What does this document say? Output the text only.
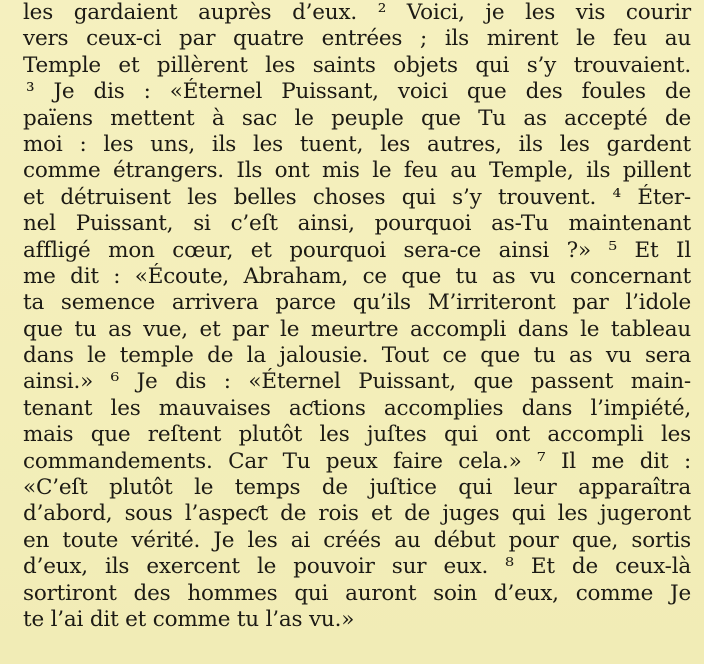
les gardaient auprès d’eux. ² Voici, je les vis courir
vers ceux-ci par quatre entrées ; ils mirent le feu au
Temple et pillèrent les saints objets qui s’y trouvaient.
³ Je dis : «Éternel Puissant, voici que des foules de
païens mettent à sac le peuple que Tu as accepté de
moi : les uns, ils les tuent, les autres, ils les gardent
comme étrangers. Ils ont mis le feu au Temple, ils pillent
et détruisent les belles choses qui s’y trouvent. ⁴ Éter-
nel Puissant, si c’eſt ainsi, pourquoi as-Tu maintenant
affligé mon cœur, et pourquoi sera-ce ainsi ?» ⁵ Et Il
me dit : «Écoute, Abraham, ce que tu as vu concernant
ta semence arrivera parce qu’ils M’irriteront par l’idole
que tu as vue, et par le meurtre accompli dans le tableau
dans le temple de la jalousie. Tout ce que tu as vu sera
ainsi.» ⁶ Je dis : «Éternel Puissant, que passent main-
tenant les mauvaises aƈtions accomplies dans l’impiété,
mais que reſtent plutôt les juſtes qui ont accompli les
commandements. Car Tu peux faire cela.» ⁷ Il me dit :
«C’eſt plutôt le temps de juſtice qui leur apparaîtra
d’abord, sous l’aspeƈt de rois et de juges qui les jugeront
en toute vérité. Je les ai créés au début pour que, sortis
d’eux, ils exercent le pouvoir sur eux. ⁸ Et de ceux-là
sortiront des hommes qui auront soin d’eux, comme Je
te l’ai dit et comme tu l’as vu.»
